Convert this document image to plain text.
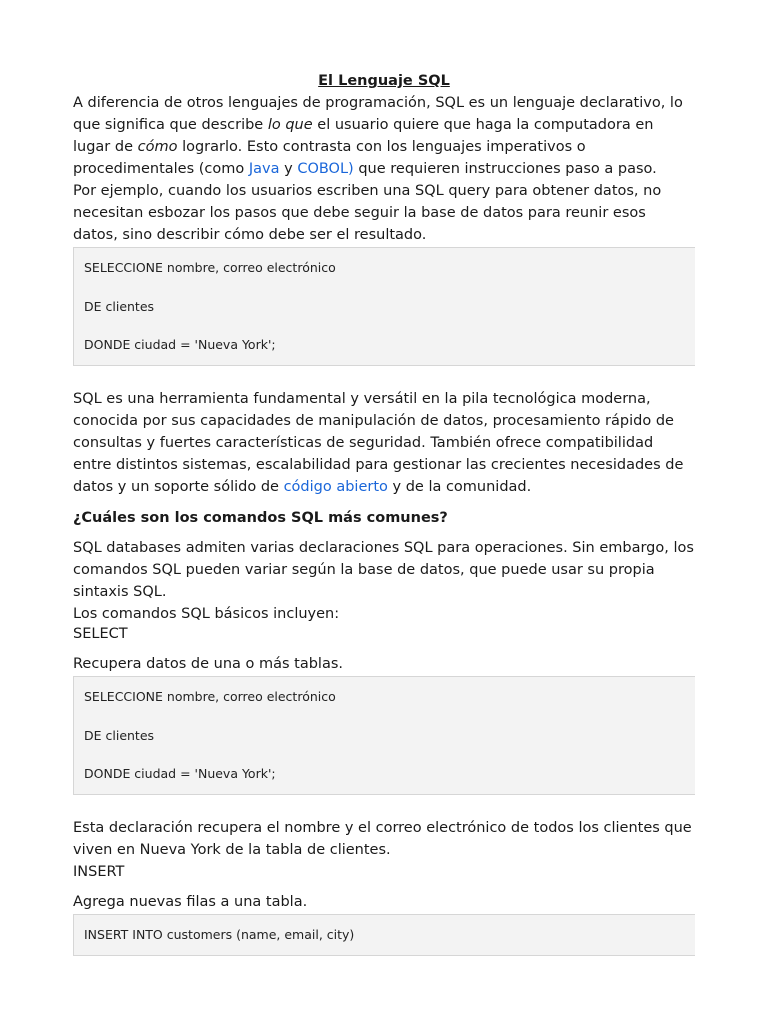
El Lenguaje SQL

A diferencia de otros lenguajes de programación, SQL es un lenguaje declarativo, lo que significa que describe lo que el usuario quiere que haga la computadora en lugar de cómo lograrlo. Esto contrasta con los lenguajes imperativos o procedimentales (como Java y COBOL) que requieren instrucciones paso a paso.

Por ejemplo, cuando los usuarios escriben una SQL query para obtener datos, no necesitan esbozar los pasos que debe seguir la base de datos para reunir esos datos, sino describir cómo debe ser el resultado.

SELECCIONE nombre, correo electrónico
DE clientes
DONDE ciudad = 'Nueva York';

SQL es una herramienta fundamental y versátil en la pila tecnológica moderna, conocida por sus capacidades de manipulación de datos, procesamiento rápido de consultas y fuertes características de seguridad. También ofrece compatibilidad entre distintos sistemas, escalabilidad para gestionar las crecientes necesidades de datos y un soporte sólido de código abierto y de la comunidad.

¿Cuáles son los comandos SQL más comunes?

SQL databases admiten varias declaraciones SQL para operaciones. Sin embargo, los comandos SQL pueden variar según la base de datos, que puede usar su propia sintaxis SQL.

Los comandos SQL básicos incluyen:

SELECT

Recupera datos de una o más tablas.

SELECCIONE nombre, correo electrónico
DE clientes
DONDE ciudad = 'Nueva York';

Esta declaración recupera el nombre y el correo electrónico de todos los clientes que viven en Nueva York de la tabla de clientes.

INSERT

Agrega nuevas filas a una tabla.

INSERT INTO customers (name, email, city)
